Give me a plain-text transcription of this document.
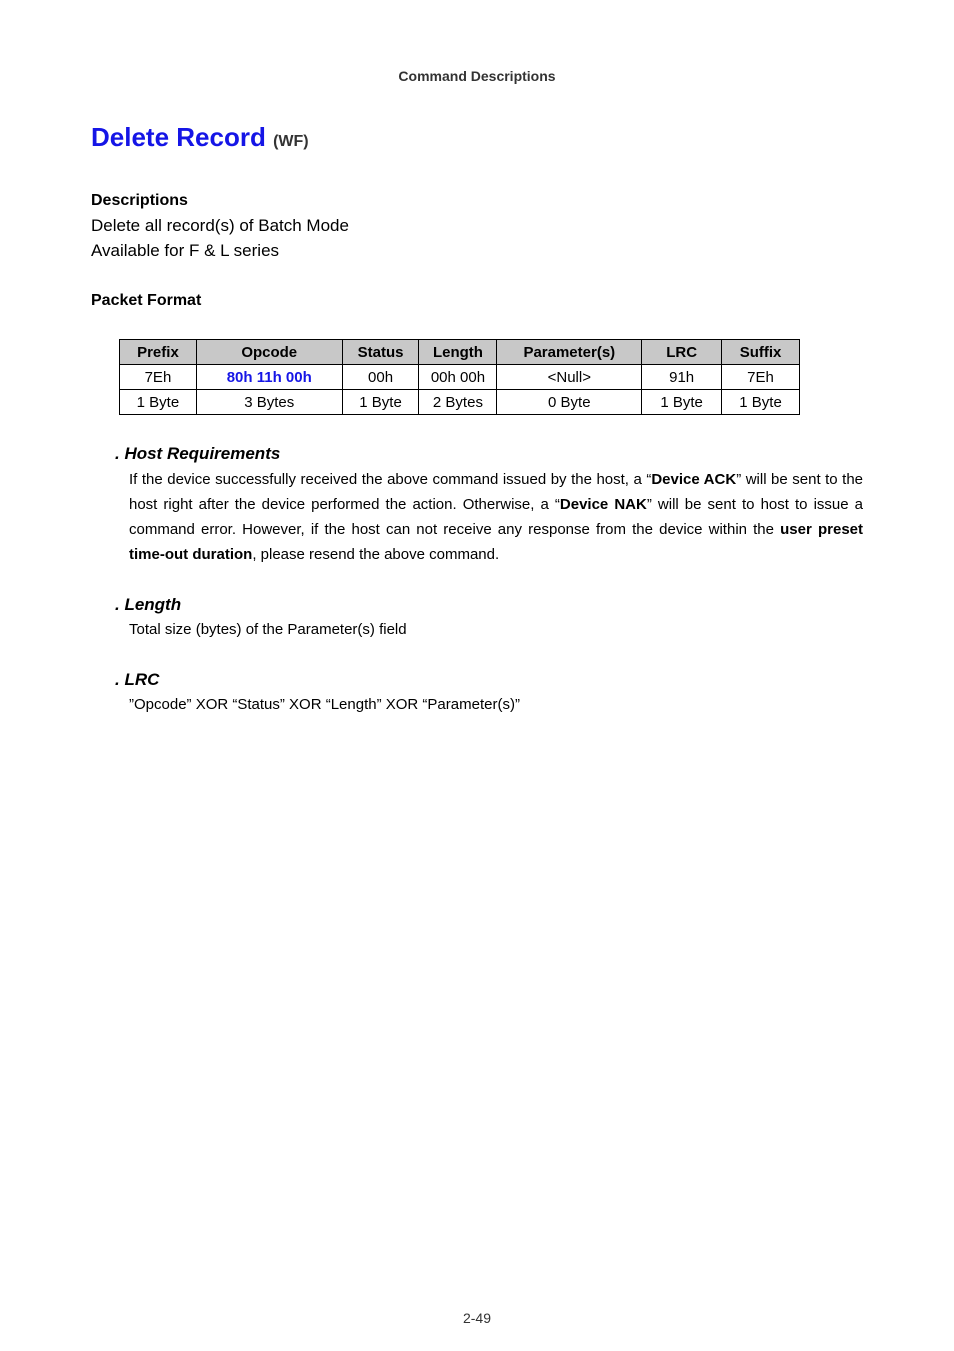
Command Descriptions
Delete Record (WF)
Descriptions
Delete all record(s) of Batch Mode
Available for F & L series
Packet Format
Prefix	Opcode	Status	Length	Parameter(s)	LRC	Suffix
7Eh	80h 11h 00h	00h	00h 00h	<Null>	91h	7Eh
1 Byte	3 Bytes	1 Byte	2 Bytes	0 Byte	1 Byte	1 Byte
. Host Requirements

If the device successfully received the above command issued by the host, a “Device ACK” will be sent to the host right after the device performed the action. Otherwise, a “Device NAK” will be sent to host to issue a command error. However, if the host can not receive any response from the device within the user preset time-out duration, please resend the above command.

. Length

Total size (bytes) of the Parameter(s) field

. LRC

”Opcode” XOR “Status” XOR “Length” XOR “Parameter(s)”

2-49
